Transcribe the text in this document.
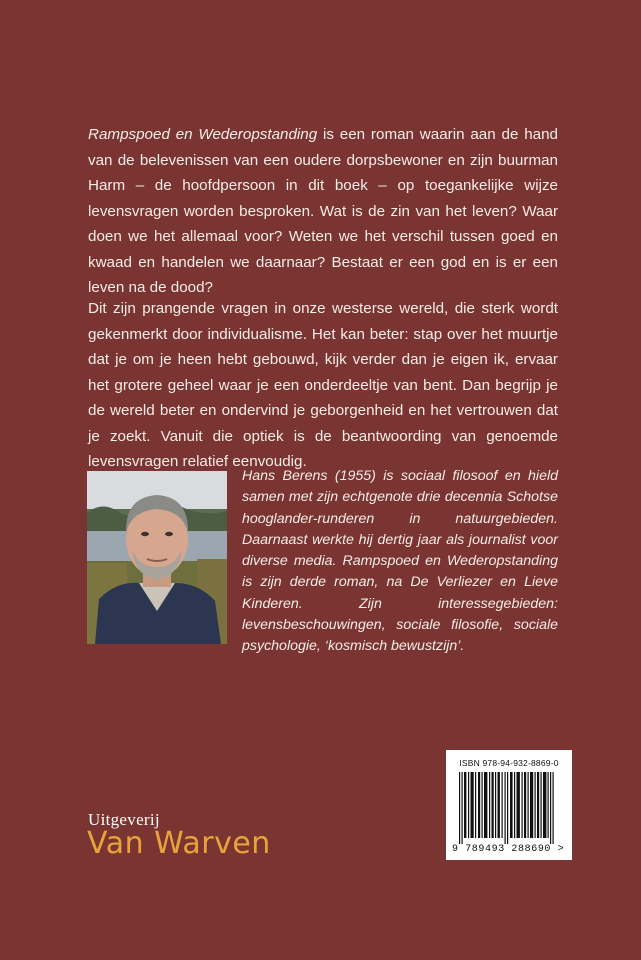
Rampspoed en Wederopstanding is een roman waarin aan de hand van de belevenissen van een oudere dorpsbewoner en zijn buurman Harm – de hoofdpersoon in dit boek – op toegankelijke wijze levensvragen worden besproken. Wat is de zin van het leven? Waar doen we het allemaal voor? Weten we het verschil tussen goed en kwaad en handelen we daarnaar? Bestaat er een god en is er een leven na de dood?

Dit zijn prangende vragen in onze westerse wereld, die sterk wordt gekenmerkt door individualisme. Het kan beter: stap over het muurtje dat je om je heen hebt gebouwd, kijk verder dan je eigen ik, ervaar het grotere geheel waar je een onderdeeltje van bent. Dan begrijp je de wereld beter en ondervind je geborgenheid en het vertrouwen dat je zoekt. Vanuit die optiek is de beantwoording van genoemde levensvragen relatief eenvoudig.

Hans Berens (1955) is sociaal filosoof en hield samen met zijn echtgenote drie decennia Schotse hooglander-runderen in natuurgebieden. Daarnaast werkte hij dertig jaar als journalist voor diverse media. Rampspoed en Wederopstanding is zijn derde roman, na De Verliezer en Lieve Kinderen. Zijn interessegebieden: levensbeschouwingen, sociale filosofie, sociale psychologie, ‘kosmisch bewustzijn’.

ISBN 978-94-932-8869-0
9 789493 288690 >
Uitgeverij
Van Warven
